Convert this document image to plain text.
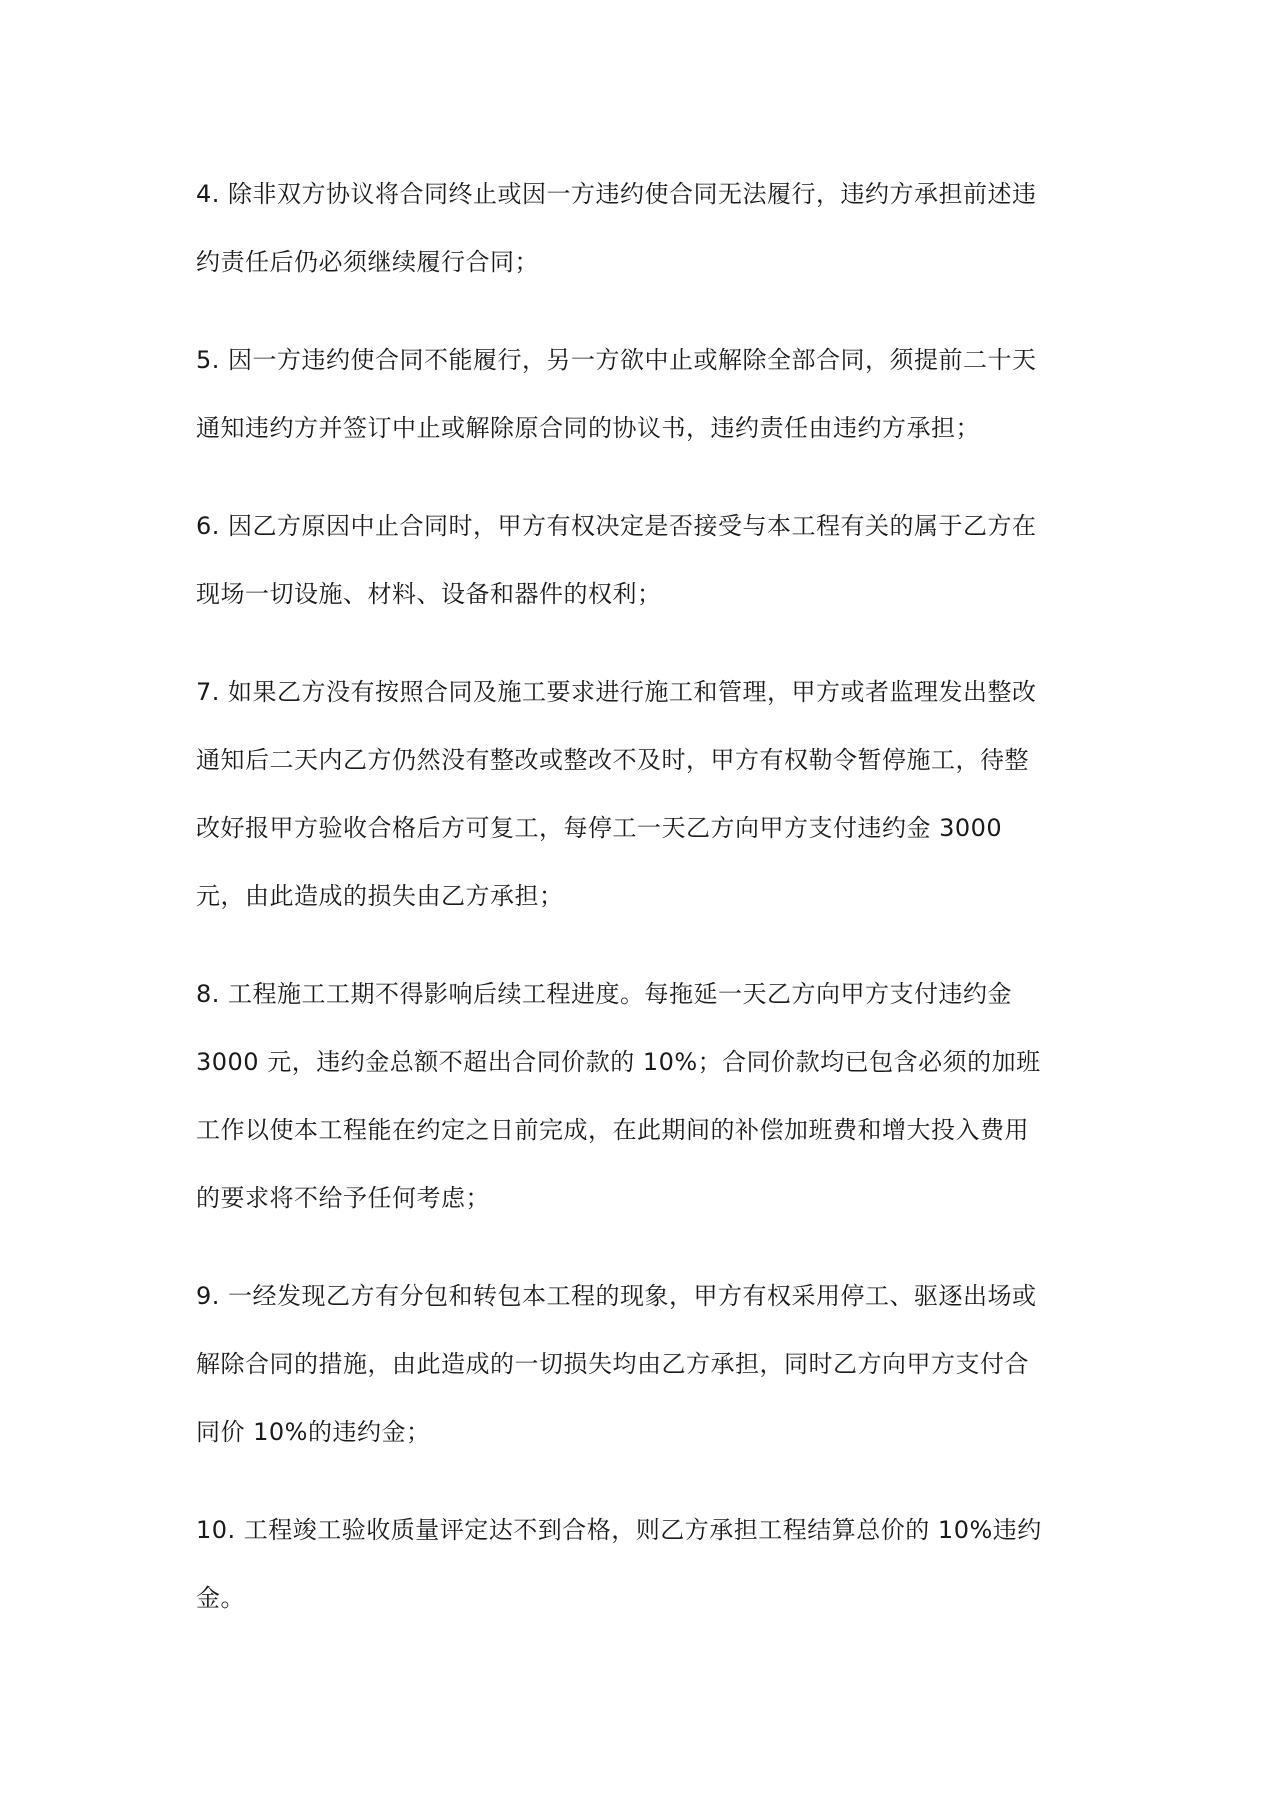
4. 除非双方协议将合同终止或因一方违约使合同无法履行，违约方承担前述违
约责任后仍必须继续履行合同；
5. 因一方违约使合同不能履行，另一方欲中止或解除全部合同，须提前二十天
通知违约方并签订中止或解除原合同的协议书，违约责任由违约方承担；
6. 因乙方原因中止合同时，甲方有权决定是否接受与本工程有关的属于乙方在
现场一切设施、材料、设备和器件的权利；
7. 如果乙方没有按照合同及施工要求进行施工和管理，甲方或者监理发出整改
通知后二天内乙方仍然没有整改或整改不及时，甲方有权勒令暂停施工，待整
改好报甲方验收合格后方可复工，每停工一天乙方向甲方支付违约金 3000
元，由此造成的损失由乙方承担；
8. 工程施工工期不得影响后续工程进度。每拖延一天乙方向甲方支付违约金
3000 元，违约金总额不超出合同价款的 10%；合同价款均已包含必须的加班
工作以使本工程能在约定之日前完成，在此期间的补偿加班费和增大投入费用
的要求将不给予任何考虑；
9. 一经发现乙方有分包和转包本工程的现象，甲方有权采用停工、驱逐出场或
解除合同的措施，由此造成的一切损失均由乙方承担，同时乙方向甲方支付合
同价 10%的违约金；
10. 工程竣工验收质量评定达不到合格，则乙方承担工程结算总价的 10%违约
金。
